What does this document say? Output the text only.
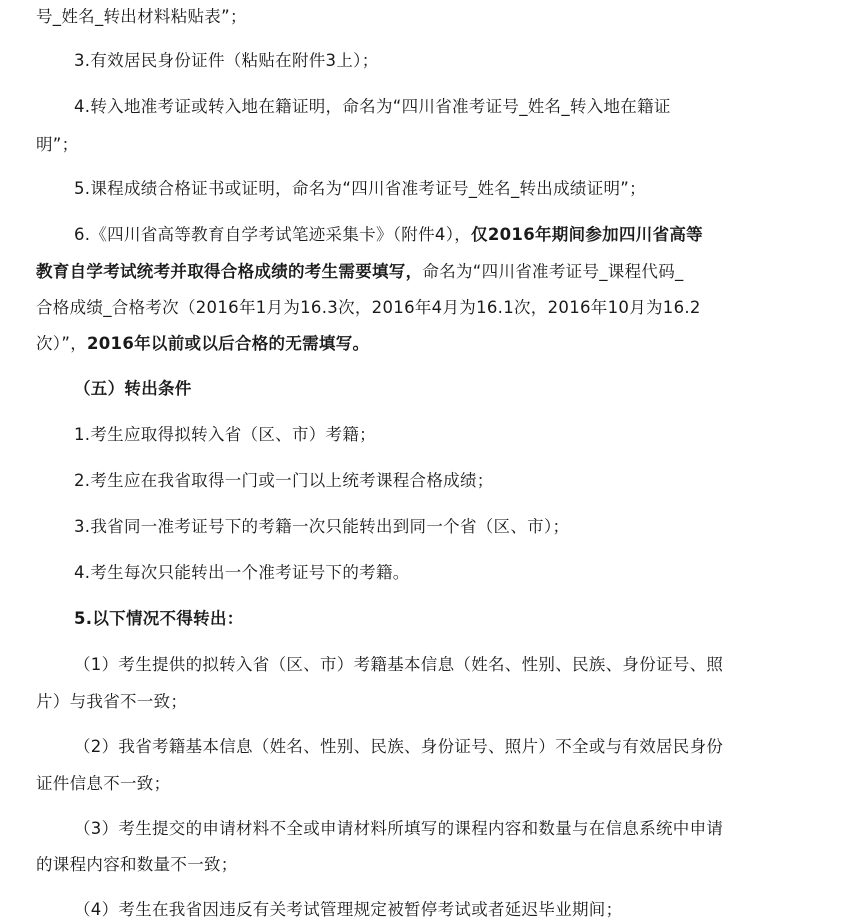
号_姓名_转出材料粘贴表”；
3.有效居民身份证件（粘贴在附件3上）；
4.转入地准考证或转入地在籍证明，命名为“四川省准考证号_姓名_转入地在籍证
明”；
5.课程成绩合格证书或证明，命名为“四川省准考证号_姓名_转出成绩证明”；
6.《四川省高等教育自学考试笔迹采集卡》（附件4），仅2016年期间参加四川省高等
教育自学考试统考并取得合格成绩的考生需要填写，命名为“四川省准考证号_课程代码_
合格成绩_合格考次（2016年1月为16.3次，2016年4月为16.1次，2016年10月为16.2
次）”，2016年以前或以后合格的无需填写。
（五）转出条件
1.考生应取得拟转入省（区、市）考籍；
2.考生应在我省取得一门或一门以上统考课程合格成绩；
3.我省同一准考证号下的考籍一次只能转出到同一个省（区、市）；
4.考生每次只能转出一个准考证号下的考籍。
5.以下情况不得转出：
（1）考生提供的拟转入省（区、市）考籍基本信息（姓名、性别、民族、身份证号、照
片）与我省不一致；
（2）我省考籍基本信息（姓名、性别、民族、身份证号、照片）不全或与有效居民身份
证件信息不一致；
（3）考生提交的申请材料不全或申请材料所填写的课程内容和数量与在信息系统中申请
的课程内容和数量不一致；
（4）考生在我省因违反有关考试管理规定被暂停考试或者延迟毕业期间；
